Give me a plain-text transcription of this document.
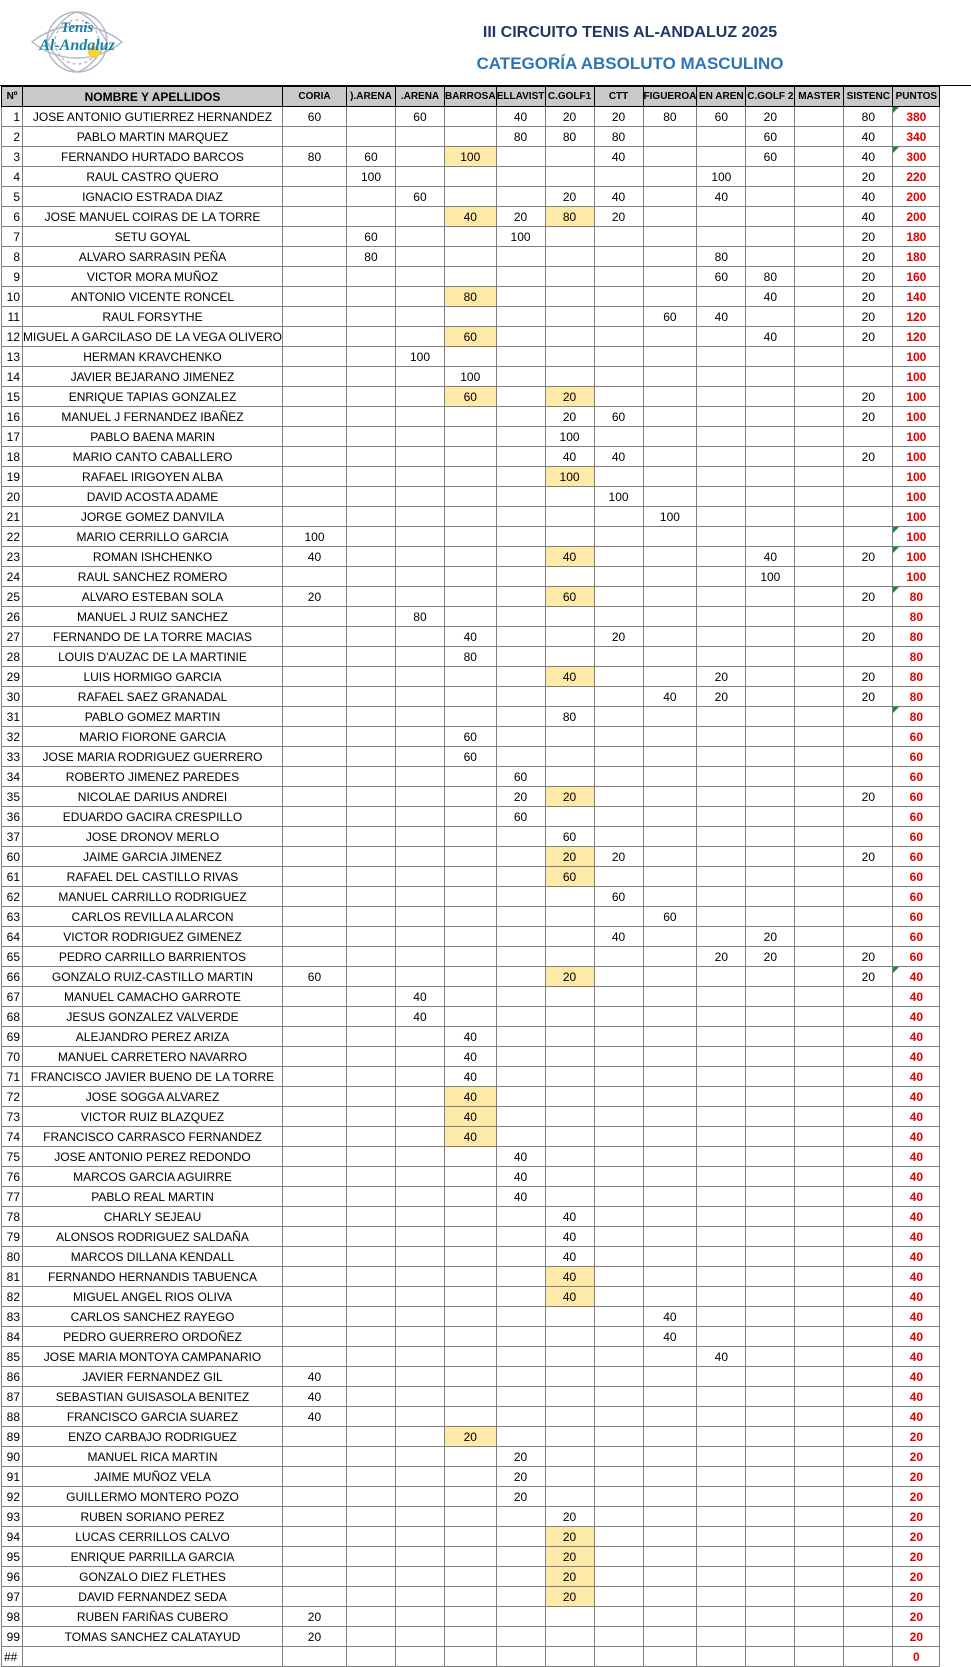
Tenis
Al-Andaluz
III CIRCUITO TENIS AL-ANDALUZ 2025
CATEGORÍA ABSOLUTO MASCULINO
Nº	NOMBRE Y APELLIDOS	CORIA	).ARENA	.ARENA	BARROSA	ELLAVIST	C.GOLF1	CTT	FIGUEROA	EN AREN	C.GOLF 2	MASTER	SISTENC	PUNTOS
1	JOSE ANTONIO GUTIERREZ HERNANDEZ	60		60		40	20	20	80	60	20		80	380
2	PABLO MARTIN MARQUEZ					80	80	80			60		40	340
3	FERNANDO HURTADO BARCOS	80	60		100			40			60		40	300
4	RAUL CASTRO QUERO		100							100			20	220
5	IGNACIO ESTRADA DIAZ			60			20	40		40			40	200
6	JOSE MANUEL COIRAS DE LA TORRE				40	20	80	20					40	200
7	SETU GOYAL		60			100							20	180
8	ALVARO SARRASIN PEÑA		80							80			20	180
9	VICTOR MORA MUÑOZ									60	80		20	160
10	ANTONIO VICENTE RONCEL				80						40		20	140
11	RAUL FORSYTHE								60	40			20	120
12	MIGUEL A GARCILASO DE LA VEGA OLIVERO				60						40		20	120
13	HERMAN KRAVCHENKO			100										100
14	JAVIER BEJARANO JIMENEZ				100									100
15	ENRIQUE TAPIAS GONZALEZ				60		20						20	100
16	MANUEL J FERNANDEZ IBAÑEZ						20	60					20	100
17	PABLO BAENA MARIN						100							100
18	MARIO CANTO CABALLERO						40	40					20	100
19	RAFAEL IRIGOYEN ALBA						100							100
20	DAVID ACOSTA ADAME							100						100
21	JORGE GOMEZ DANVILA								100					100
22	MARIO CERRILLO GARCIA	100												100
23	ROMAN ISHCHENKO	40					40				40		20	100
24	RAUL SANCHEZ ROMERO										100			100
25	ALVARO ESTEBAN SOLA	20					60						20	80
26	MANUEL J RUIZ SANCHEZ			80										80
27	FERNANDO DE LA TORRE MACIAS				40			20					20	80
28	LOUIS D'AUZAC DE LA MARTINIE				80									80
29	LUIS HORMIGO GARCIA						40			20			20	80
30	RAFAEL SAEZ GRANADAL								40	20			20	80
31	PABLO GOMEZ MARTIN						80							80
32	MARIO FIORONE GARCIA				60									60
33	JOSE MARIA RODRIGUEZ GUERRERO				60									60
34	ROBERTO JIMENEZ PAREDES					60								60
35	NICOLAE DARIUS ANDREI					20	20						20	60
36	EDUARDO GACIRA CRESPILLO					60								60
37	JOSE DRONOV MERLO						60							60
60	JAIME GARCIA JIMENEZ						20	20					20	60
61	RAFAEL DEL CASTILLO RIVAS						60							60
62	MANUEL CARRILLO RODRIGUEZ							60						60
63	CARLOS REVILLA ALARCON								60					60
64	VICTOR RODRIGUEZ GIMENEZ							40			20			60
65	PEDRO CARRILLO BARRIENTOS									20	20		20	60
66	GONZALO RUIZ-CASTILLO MARTIN	60					20						20	40
67	MANUEL CAMACHO GARROTE			40										40
68	JESUS GONZALEZ VALVERDE			40										40
69	ALEJANDRO PEREZ ARIZA				40									40
70	MANUEL CARRETERO NAVARRO				40									40
71	FRANCISCO JAVIER BUENO DE LA TORRE				40									40
72	JOSE SOGGA ALVAREZ				40									40
73	VICTOR RUIZ BLAZQUEZ				40									40
74	FRANCISCO CARRASCO FERNANDEZ				40									40
75	JOSE ANTONIO PEREZ REDONDO					40								40
76	MARCOS GARCIA AGUIRRE					40								40
77	PABLO REAL MARTIN					40								40
78	CHARLY SEJEAU						40							40
79	ALONSOS RODRIGUEZ SALDAÑA						40							40
80	MARCOS DILLANA KENDALL						40							40
81	FERNANDO HERNANDIS TABUENCA						40							40
82	MIGUEL ANGEL RIOS OLIVA						40							40
83	CARLOS SANCHEZ RAYEGO								40					40
84	PEDRO GUERRERO ORDOÑEZ								40					40
85	JOSE MARIA MONTOYA CAMPANARIO									40				40
86	JAVIER FERNANDEZ GIL	40												40
87	SEBASTIAN GUISASOLA BENITEZ	40												40
88	FRANCISCO GARCIA SUAREZ	40												40
89	ENZO CARBAJO RODRIGUEZ				20									20
90	MANUEL RICA MARTIN					20								20
91	JAIME MUÑOZ VELA					20								20
92	GUILLERMO MONTERO POZO					20								20
93	RUBEN SORIANO PEREZ						20							20
94	LUCAS CERRILLOS CALVO						20							20
95	ENRIQUE PARRILLA GARCIA						20							20
96	GONZALO DIEZ FLETHES						20							20
97	DAVID FERNANDEZ SEDA						20							20
98	RUBEN FARIÑAS CUBERO	20												20
99	TOMAS SANCHEZ CALATAYUD	20												20
##														0
